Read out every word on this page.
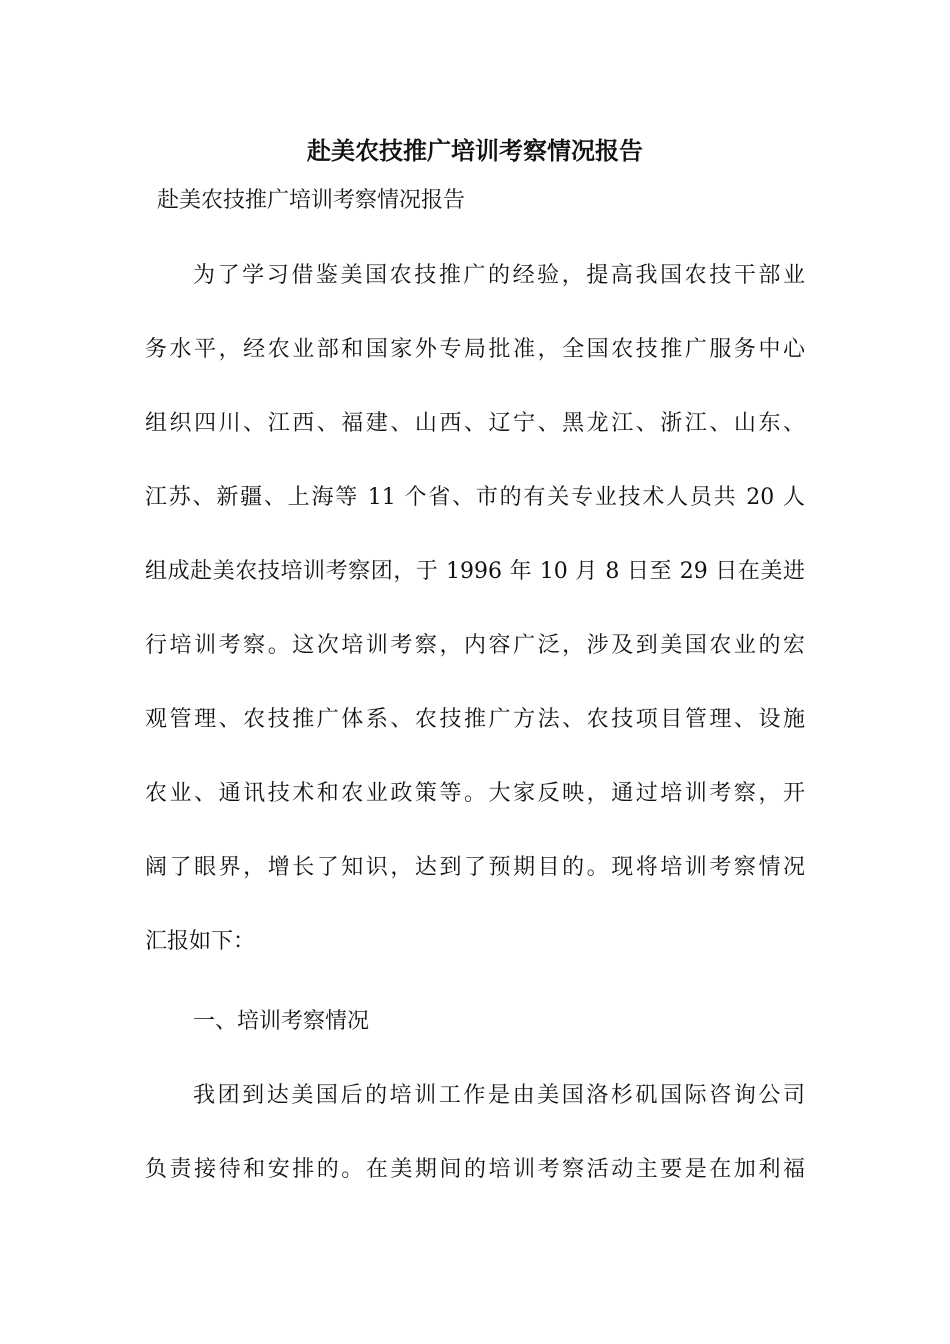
赴美农技推广培训考察情况报告
赴美农技推广培训考察情况报告
为了学习借鉴美国农技推广的经验，提高我国农技干部业
务水平，经农业部和国家外专局批准，全国农技推广服务中心
组织四川、江西、福建、山西、辽宁、黑龙江、浙江、山东、
江苏、新疆、上海等 11 个省、市的有关专业技术人员共 20 人
组成赴美农技培训考察团，于 1996 年 10 月 8 日至 29 日在美进
行培训考察。这次培训考察，内容广泛，涉及到美国农业的宏
观管理、农技推广体系、农技推广方法、农技项目管理、设施
农业、通讯技术和农业政策等。大家反映，通过培训考察，开
阔了眼界，增长了知识，达到了预期目的。现将培训考察情况
汇报如下：
一、培训考察情况
我团到达美国后的培训工作是由美国洛杉矶国际咨询公司
负责接待和安排的。在美期间的培训考察活动主要是在加利福
